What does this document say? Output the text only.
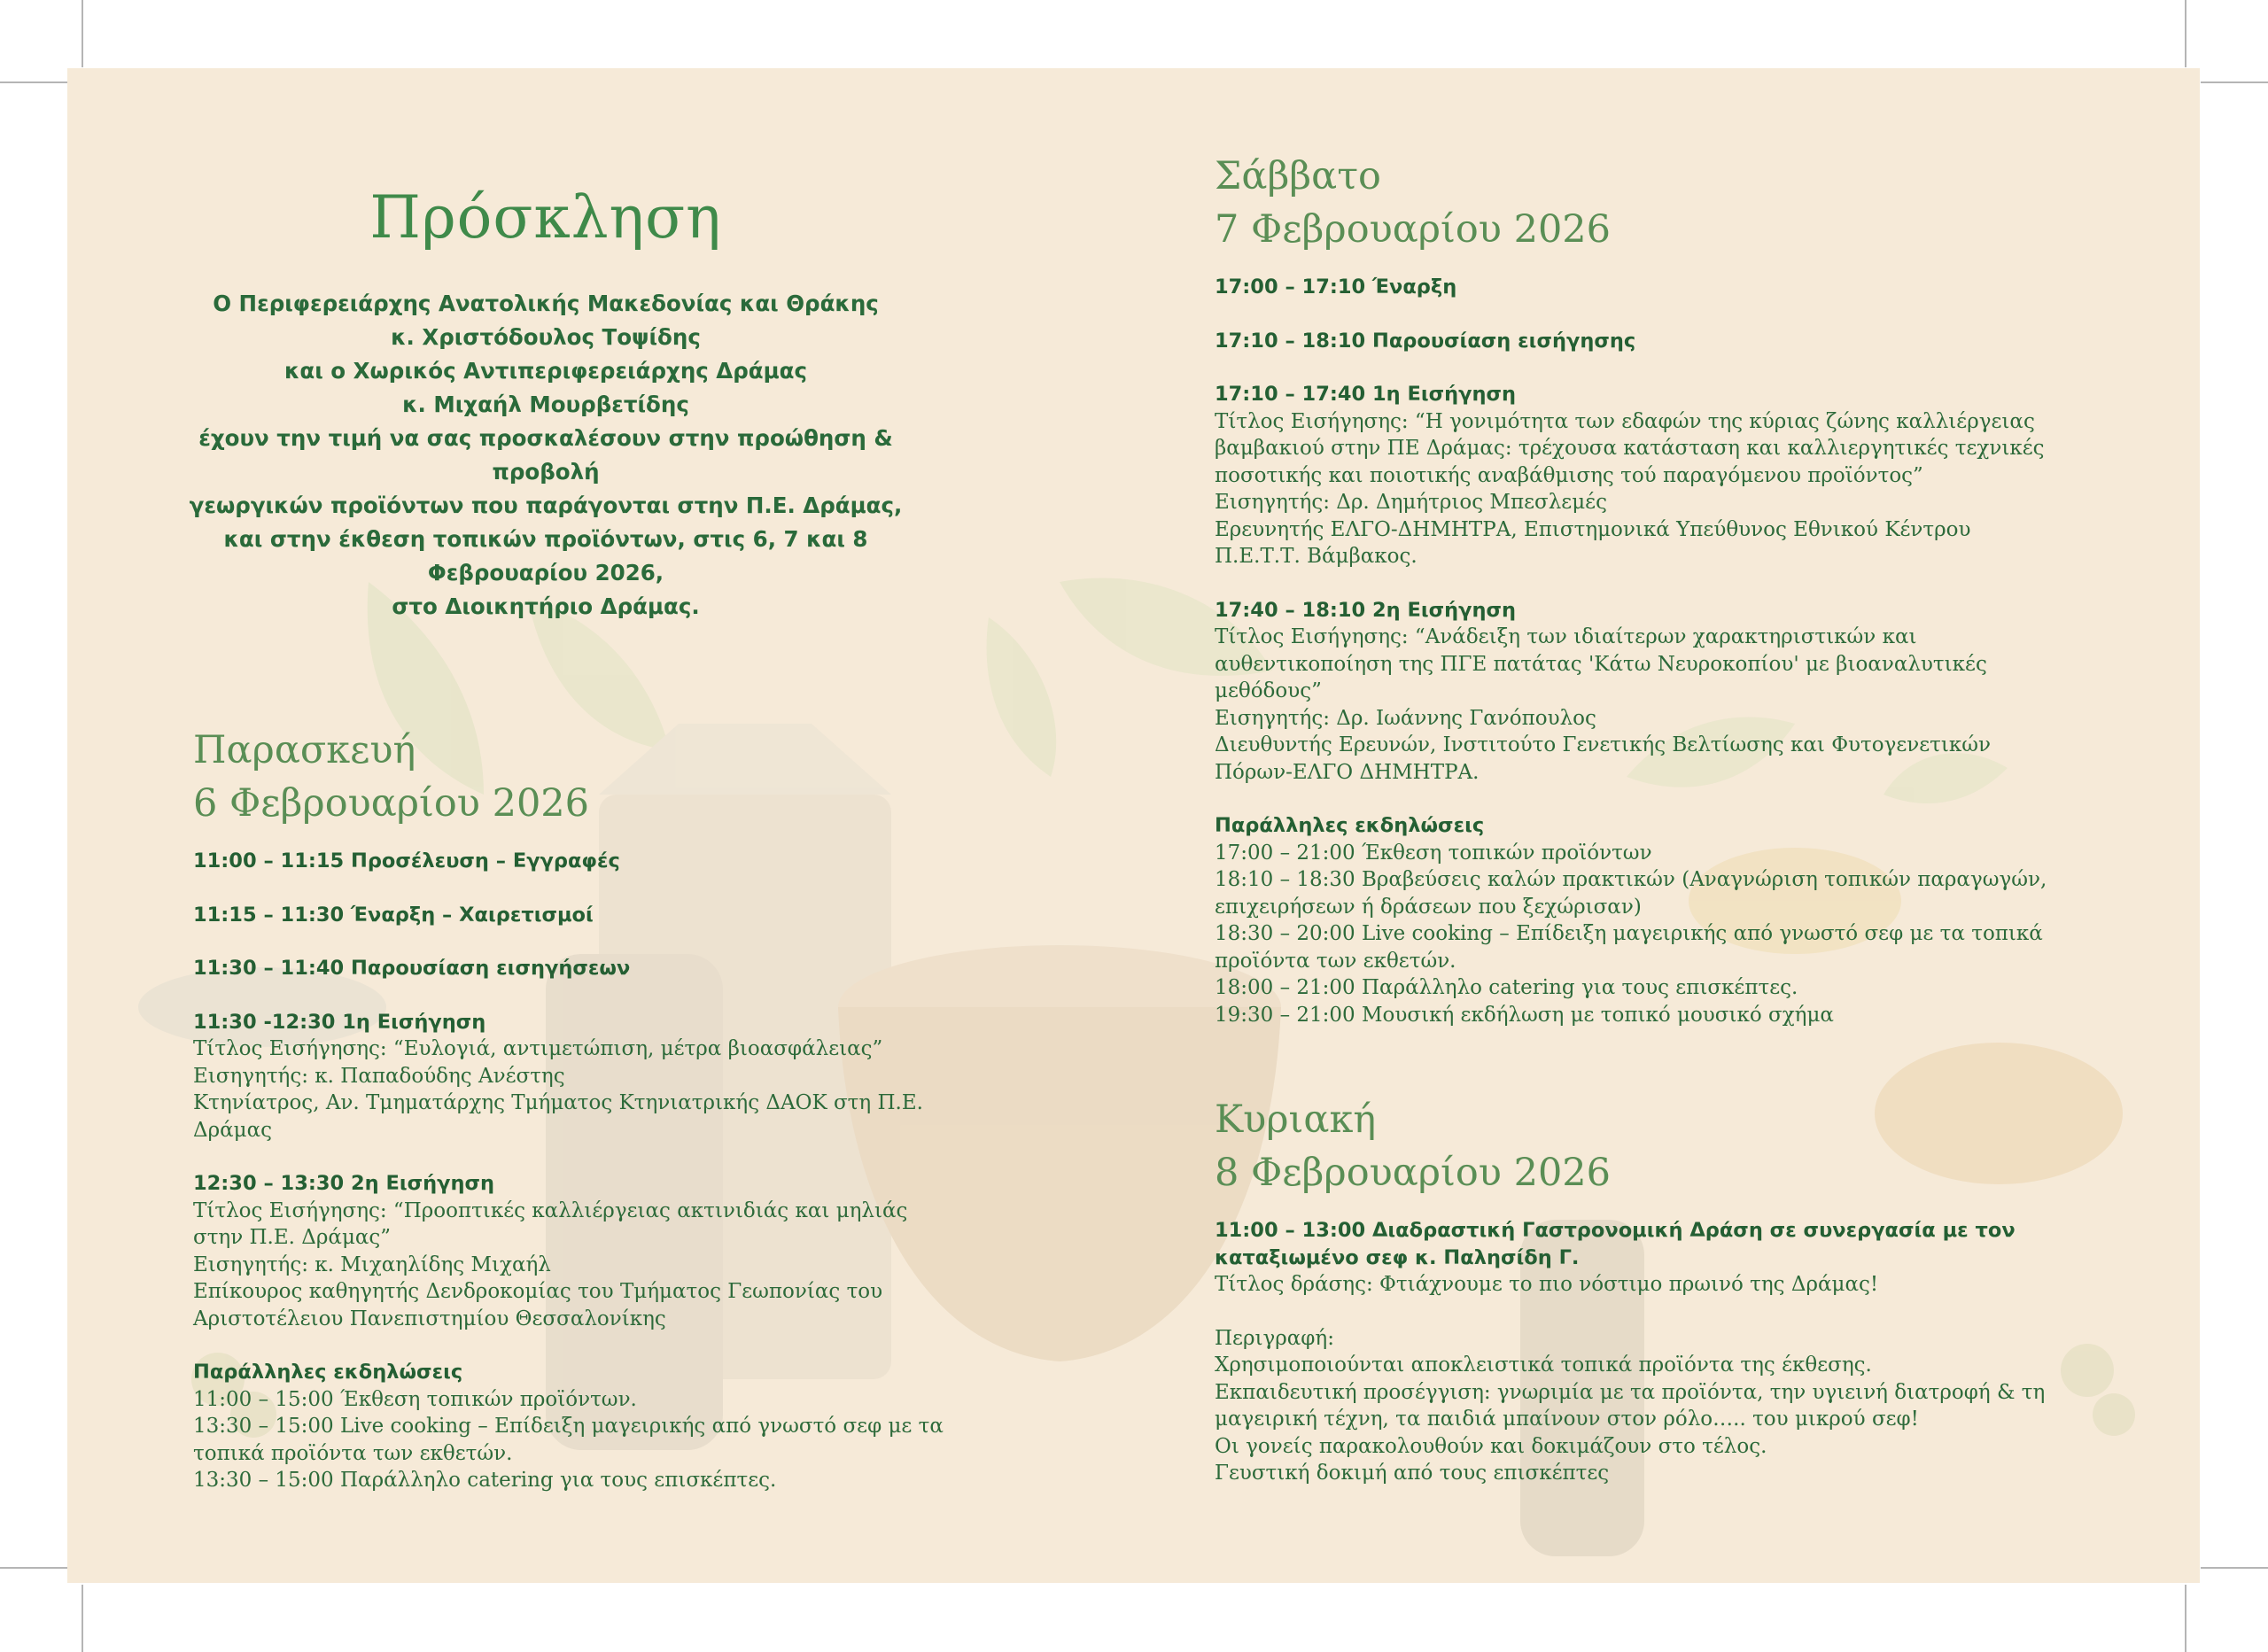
Πρόσκληση
Ο Περιφερειάρχης Ανατολικής Μακεδονίας και Θράκης
κ. Χριστόδουλος Τοψίδης
και ο Χωρικός Αντιπεριφερειάρχης Δράμας
κ. Μιχαήλ Μουρβετίδης
έχουν την τιμή να σας προσκαλέσουν στην προώθηση & προβολή
γεωργικών προϊόντων που παράγονται στην Π.Ε. Δράμας,
και στην έκθεση τοπικών προϊόντων, στις 6, 7 και 8 Φεβρουαρίου 2026,
στο Διοικητήριο Δράμας.
Παρασκευή
6 Φεβρουαρίου 2026

11:00 – 11:15 Προσέλευση – Εγγραφές

11:15 – 11:30 Έναρξη – Χαιρετισμοί

11:30 – 11:40 Παρουσίαση εισηγήσεων

11:30 -12:30 1η Εισήγηση

Τίτλος Εισήγησης: “Ευλογιά, αντιμετώπιση, μέτρα βιοασφάλειας”

Εισηγητής: κ. Παπαδούδης Ανέστης

Κτηνίατρος, Αν. Τμηματάρχης Τμήματος Κτηνιατρικής ΔΑΟΚ στη Π.Ε.

Δράμας

12:30 – 13:30 2η Εισήγηση

Τίτλος Εισήγησης: “Προοπτικές καλλιέργειας ακτινιδιάς και μηλιάς

στην Π.Ε. Δράμας”

Εισηγητής: κ. Μιχαηλίδης Μιχαήλ

Επίκουρος καθηγητής Δενδροκομίας του Τμήματος Γεωπονίας του

Αριστοτέλειου Πανεπιστημίου Θεσσαλονίκης

Παράλληλες εκδηλώσεις

11:00 – 15:00 Έκθεση τοπικών προϊόντων.

13:30 – 15:00 Live cooking – Επίδειξη μαγειρικής από γνωστό σεφ με τα

τοπικά προϊόντα των εκθετών.

13:30 – 15:00 Παράλληλο catering για τους επισκέπτες.

Σάββατο
7 Φεβρουαρίου 2026

17:00 – 17:10 Έναρξη

17:10 – 18:10 Παρουσίαση εισήγησης

17:10 – 17:40 1η Εισήγηση

Τίτλος Εισήγησης: “Η γονιμότητα των εδαφών της κύριας ζώνης καλλιέργειας

βαμβακιού στην ΠΕ Δράμας: τρέχουσα κατάσταση και καλλιεργητικές τεχνικές

ποσοτικής και ποιοτικής αναβάθμισης τού παραγόμενου προϊόντος”

Εισηγητής: Δρ. Δημήτριος Μπεσλεμές

Ερευνητής ΕΛΓΟ-ΔΗΜΗΤΡΑ, Επιστημονικά Υπεύθυνος Εθνικού Κέντρου

Π.Ε.Τ.Τ. Βάμβακος.

17:40 – 18:10 2η Εισήγηση

Τίτλος Εισήγησης: “Ανάδειξη των ιδιαίτερων χαρακτηριστικών και

αυθεντικοποίηση της ΠΓΕ πατάτας 'Κάτω Νευροκοπίου' με βιοαναλυτικές

μεθόδους”

Εισηγητής: Δρ. Ιωάννης Γανόπουλος

Διευθυντής Ερευνών, Ινστιτούτο Γενετικής Βελτίωσης και Φυτογενετικών

Πόρων-ΕΛΓΟ ΔΗΜΗΤΡΑ.

Παράλληλες εκδηλώσεις

17:00 – 21:00 Έκθεση τοπικών προϊόντων

18:10 – 18:30 Βραβεύσεις καλών πρακτικών (Αναγνώριση τοπικών παραγωγών,

επιχειρήσεων ή δράσεων που ξεχώρισαν)

18:30 – 20:00 Live cooking – Επίδειξη μαγειρικής από γνωστό σεφ με τα τοπικά

προϊόντα των εκθετών.

18:00 – 21:00 Παράλληλο catering για τους επισκέπτες.

19:30 – 21:00 Μουσική εκδήλωση με τοπικό μουσικό σχήμα

Κυριακή
8 Φεβρουαρίου 2026

11:00 – 13:00 Διαδραστική Γαστρονομική Δράση σε συνεργασία με τον

καταξιωμένο σεφ κ. Παλησίδη Γ.

Τίτλος δράσης: Φτιάχνουμε το πιο νόστιμο πρωινό της Δράμας!

Περιγραφή:

Χρησιμοποιούνται αποκλειστικά τοπικά προϊόντα της έκθεσης.

Εκπαιδευτική προσέγγιση: γνωριμία με τα προϊόντα, την υγιεινή διατροφή & τη

μαγειρική τέχνη, τα παιδιά μπαίνουν στον ρόλο….. του μικρού σεφ!

Οι γονείς παρακολουθούν και δοκιμάζουν στο τέλος.

Γευστική δοκιμή από τους επισκέπτες
